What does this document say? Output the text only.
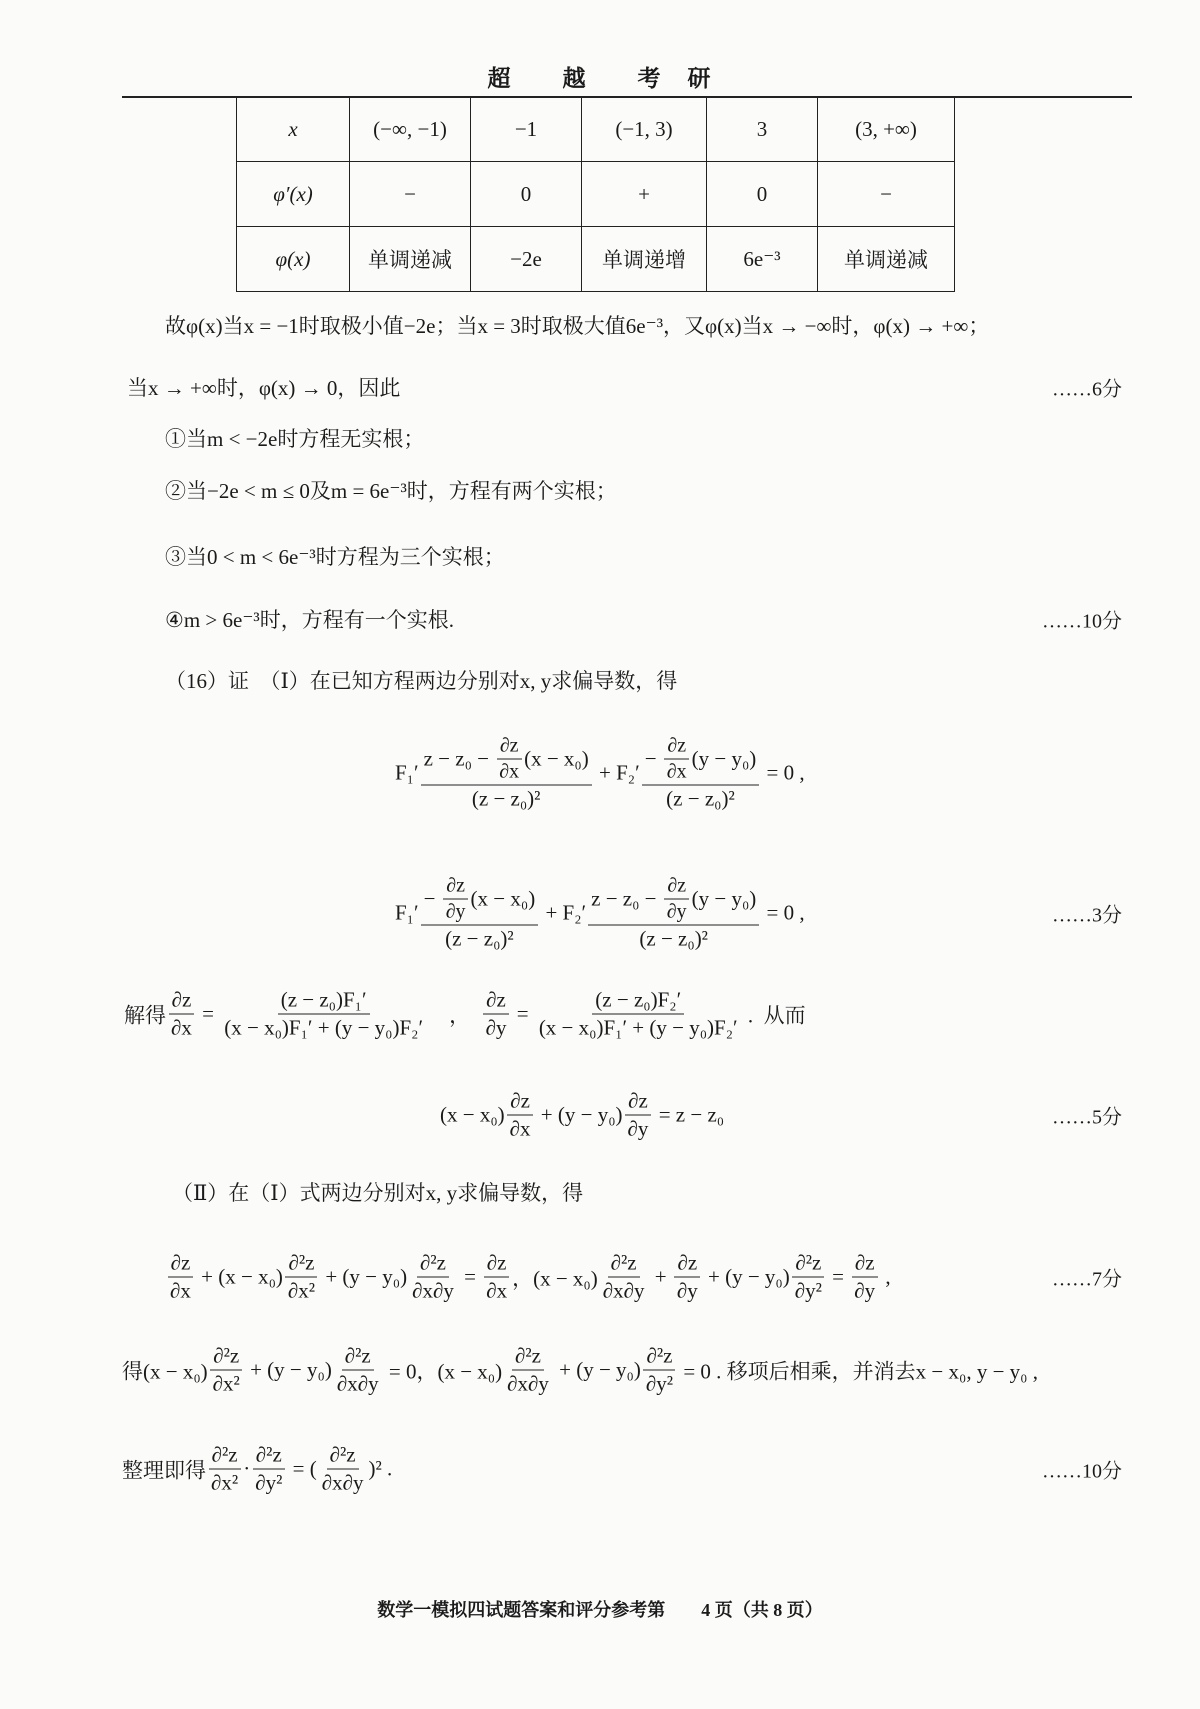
超　　越　　考　研
x	(−∞, −1)	−1	(−1, 3)	3	(3, +∞)
φ′(x)	−	0	+	0	−
φ(x)	单调递减	−2e	单调递增	6e⁻³	单调递减
故φ(x)当x = −1时取极小值−2e；当x = 3时取极大值6e⁻³，又φ(x)当x → −∞时，φ(x) → +∞；
当x → +∞时，φ(x) → 0，因此	……6分
①当m < −2e时方程无实根；
②当−2e < m ≤ 0及m = 6e⁻³时，方程有两个实根；
③当0 < m < 6e⁻³时方程为三个实根；
④m > 6e⁻³时，方程有一个实根.	……10分
（16）证　（Ⅰ）在已知方程两边分别对x, y求偏导数，得
$F_1' \frac{z - z_0 - \frac{\partial z}{\partial x} (x - x_0)}{\text{(z − z₀)²}} + F_2' \frac{- \frac{\partial z}{\partial x} (y - y_0)}{\text{(z − z₀)²}} = 0$ ,
$F_1' \frac{- \frac{\partial z}{\partial y} (x - x_0)}{\text{(z − z₀)²}} + F_2' \frac{z - z_0 - \frac{\partial z}{\partial y} (y - y_0)}{\text{(z − z₀)²}} = 0$ ,	……3分
解得 $\frac{\partial z}{\partial x} = \frac{\text{(z − z₀)F₁′}}{\text{(x − x₀)F₁′ + (y − y₀)F₂′}}$ 　，　 $\frac{\partial z}{\partial y} = \frac{\text{(z − z₀)F₂′}}{\text{(x − x₀)F₁′ + (y − y₀)F₂′}}$ .  从而
$(x - x_0) \frac{\partial z}{\partial x} + (y - y_0) \frac{\partial z}{\partial y} = z - z_0$	……5分
（Ⅱ）在（Ⅰ）式两边分别对x, y求偏导数，得
$\frac{\partial z}{\partial x} + (x - x_0) \frac{\text{∂²z}}{\text{∂x²}} + (y - y_0) \frac{\text{∂²z}}{\partial x\partial y} = \frac{\partial z}{\partial x}$ ，$(x - x_0) \frac{\text{∂²z}}{\partial x\partial y} + \frac{\partial z}{\partial y} + (y - y_0) \frac{\text{∂²z}}{\text{∂y²}} = \frac{\partial z}{\partial y}$ ,	……7分
得$(x - x_0) \frac{\text{∂²z}}{\text{∂x²}} + (y - y_0) \frac{\text{∂²z}}{\partial x\partial y} = 0$，$(x - x_0) \frac{\text{∂²z}}{\partial x\partial y} + (y - y_0) \frac{\text{∂²z}}{\text{∂y²}} = 0$ . 移项后相乘，并消去x − x₀, y − y₀ ,
整理即得 $\frac{\text{∂²z}}{\text{∂x²}} \cdot \frac{\text{∂²z}}{\text{∂y²}}$ = ( $\frac{\text{∂²z}}{\partial x\partial y} )^2$ .	……10分
数学一模拟四试题答案和评分参考第　　4 页（共 8 页）
